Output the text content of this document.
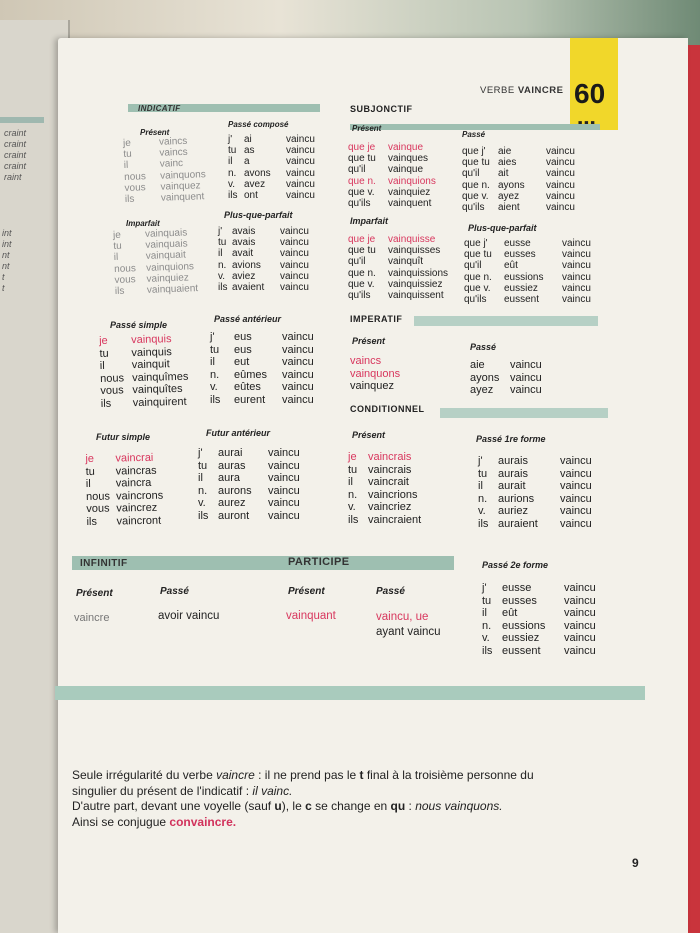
craint
craint
craint
craint
raint
int
int
nt
nt
t
t
60
VERBE VAINCRE
INDICATIF	SUBJONCTIF
Présent
Passé composé	Présent
Passé
Imparfait
Plus-que-parfait
Imparfait
Plus-que-parfait
Passé simple
Passé antérieur
Futur simple	Futur antérieur
IMPERATIF
Présent
Passé
CONDITIONNEL
Présent	Passé 1re forme
Passé 2e forme
je	vaincs
tu	vaincs
il	vainc
nous vainquons
vous vainquez
ils	vainquent
j' ai	vaincu
tu as	vaincu
il a	vaincu
n. avons vaincu
v. avez vaincu
ils ont	vaincu
que je vainque
que tu vainques
qu'il vainque
que n. vainquions
que v. vainquiez
qu'ils vainquent
que j' aie	vaincu
que tu aies	vaincu
qu'il ait	vaincu
que n. ayons vaincu
que v. ayez	vaincu
qu'ils aient	vaincu
je vainquais
tu vainquais
il	vainquait
nous vainquions
vous vainquiez
ils vainquaient
j' avais vaincu
tu avais vaincu
il avait	vaincu
n. avions vaincu
v. aviez vaincu
ils avaient vaincu
que je vainquisse
que tu vainquisses
qu'il vainquît
que n. vainquissions
que v. vainquissiez
qu'ils vainquissent
que j' eusse	vaincu
que tu eusses	vaincu
qu'il eût	vaincu
que n. eussions vaincu
que v. eussiez vaincu
qu'ils eussent vaincu
je vainquis
tu vainquis
il vainquit
nous vainquîmes
vous vainquîtes
ils vainquirent
j' eus	vaincu
tu eus	vaincu
il eut	vaincu
n. eûmes vaincu
v. eûtes vaincu
ils eurent vaincu
vaincs
vainquons
vainquez
aie vaincu
ayons vaincu
ayez vaincu
je vaincrai
tu vaincras
il vaincra
nous vaincrons
vous vaincrez
ils vaincront
j' aurai vaincu
tu auras vaincu
il aura	vaincu
n. aurons vaincu
v. aurez vaincu
ils auront vaincu
je vaincrais
tu vaincrais
il vaincrait
n. vaincrions
v. vaincriez
ils vaincraient
j' aurais	vaincu
tu aurais	vaincu
il aurait	vaincu
n. aurions vaincu
v. auriez	vaincu
ils auraient vaincu
j' eusse	vaincu
tu eusses vaincu
il eût	vaincu
n. eussions vaincu
v. eussiez vaincu
ils eussent vaincu
INFINITIF	PARTICIPE
Présent	Passé	Présent	Passé
vaincre	avoir vaincu	vainquant	vaincu, ue
ayant vaincu
Seule irrégularité du verbe vaincre : il ne prend pas le t final à la troisième personne du
singulier du présent de l'indicatif : il vainc.
D'autre part, devant une voyelle (sauf u), le c se change en qu : nous vainquons.
Ainsi se conjugue convaincre.
9
